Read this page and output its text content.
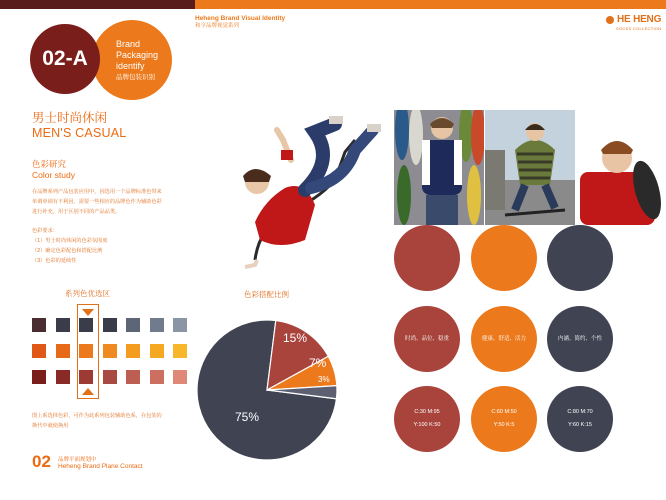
Heheng Brand Visual Identity
和亨品牌视觉系列
HE HENG
SOCKS COLLECTION
Brand
Packaging
identify
品牌包装识别
02-A
男士时尚休闲
MEN'S CASUAL
色彩研究
Color study
在品牌系列产品包装应用中，因选用一个品牌标准色带来
单调单调有不利因，需要一些相应的品牌色作为辅助色彩
进行补充，用于区别不同的产品品类。
色彩要求：
（1）男士时尚休闲的色彩氛围度
（2）确定色彩配色和搭配比例
（3）色彩的延续性
系列色优选区
图上系选择色彩，可作为此系列包装辅助色系，在包装的
换代中就使换用
02 品牌平面规划中
Heheng Brand Plane Contact
色彩搭配比例
75%
15%
7%
3%
时尚、品位、稳重	健康、舒适、活力	内涵、简约、个性
C:30 M:95
Y:100 K:50
C:60 M:50
Y:50 K:5
C:80 M:70
Y:60 K:15
